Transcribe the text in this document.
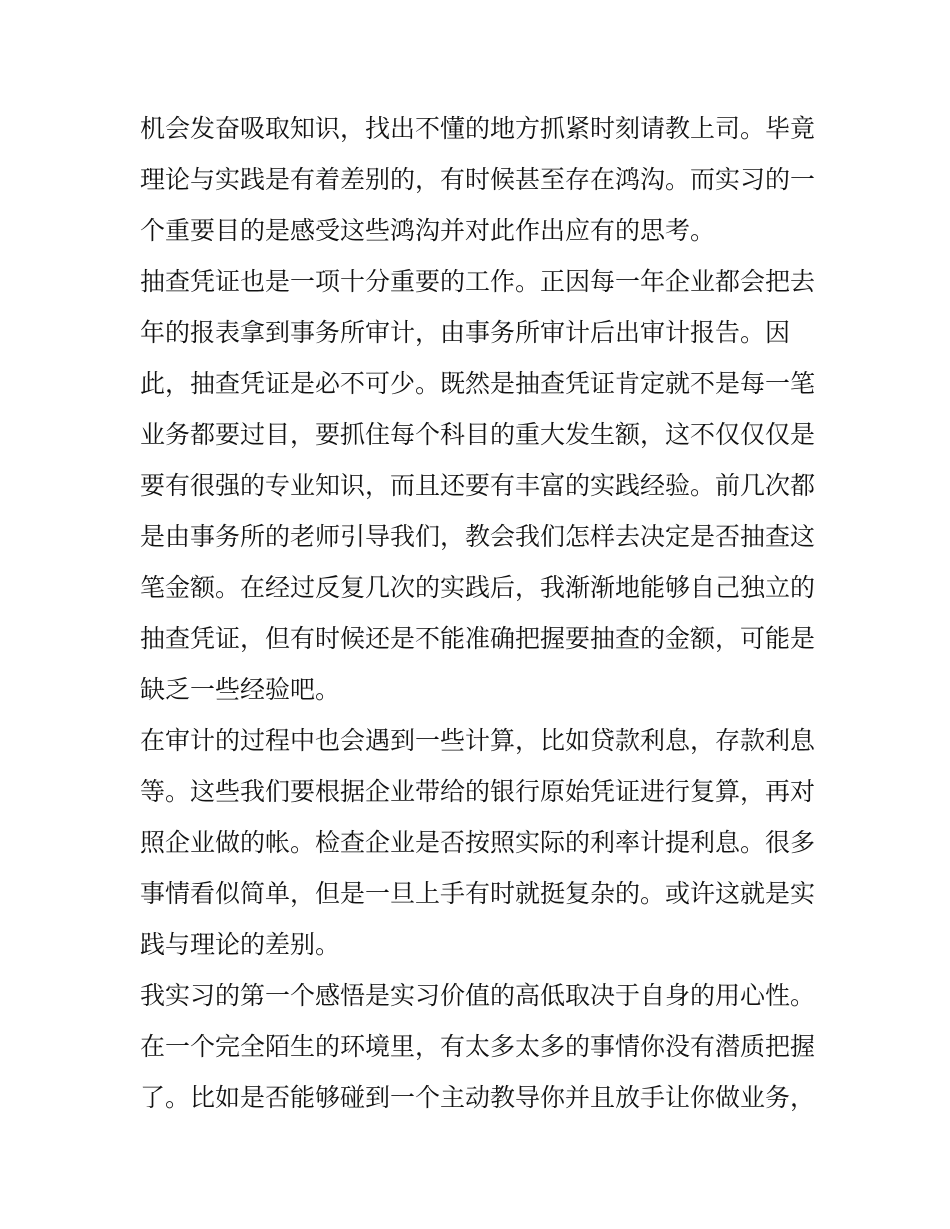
机会发奋吸取知识，找出不懂的地方抓紧时刻请教上司。毕竟
理论与实践是有着差别的，有时候甚至存在鸿沟。而实习的一
个重要目的是感受这些鸿沟并对此作出应有的思考。
抽查凭证也是一项十分重要的工作。正因每一年企业都会把去
年的报表拿到事务所审计，由事务所审计后出审计报告。因
此，抽查凭证是必不可少。既然是抽查凭证肯定就不是每一笔
业务都要过目，要抓住每个科目的重大发生额，这不仅仅仅是
要有很强的专业知识，而且还要有丰富的实践经验。前几次都
是由事务所的老师引导我们，教会我们怎样去决定是否抽查这
笔金额。在经过反复几次的实践后，我渐渐地能够自己独立的
抽查凭证，但有时候还是不能准确把握要抽查的金额，可能是
缺乏一些经验吧。
在审计的过程中也会遇到一些计算，比如贷款利息，存款利息
等。这些我们要根据企业带给的银行原始凭证进行复算，再对
照企业做的帐。检查企业是否按照实际的利率计提利息。很多
事情看似简单，但是一旦上手有时就挺复杂的。或许这就是实
践与理论的差别。
我实习的第一个感悟是实习价值的高低取决于自身的用心性。
在一个完全陌生的环境里，有太多太多的事情你没有潜质把握
了。比如是否能够碰到一个主动教导你并且放手让你做业务，
